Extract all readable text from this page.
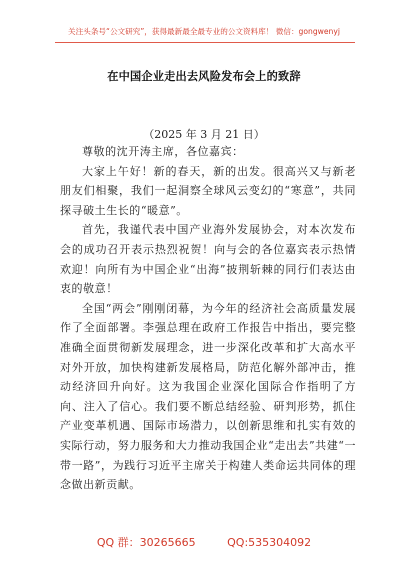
关注头条号“公文研究”，获得最新最全最专业的公文资料库！ 微信：gongwenyj
在中国企业走出去风险发布会上的致辞
（2025 年 3 月 21 日）

尊敬的沈开涛主席，各位嘉宾：

大家上午好！新的春天，新的出发。很高兴又与新老朋友们相聚，我们一起洞察全球风云变幻的“寒意”，共同探寻破土生长的“暖意”。

首先，我谨代表中国产业海外发展协会，对本次发布会的成功召开表示热烈祝贺！向与会的各位嘉宾表示热情欢迎！向所有为中国企业“出海”披荆斩棘的同行们表达由衷的敬意！

全国“两会”刚刚闭幕，为今年的经济社会高质量发展作了全面部署。李强总理在政府工作报告中指出，要完整准确全面贯彻新发展理念，进一步深化改革和扩大高水平对外开放，加快构建新发展格局，防范化解外部冲击，推动经济回升向好。这为我国企业深化国际合作指明了方向、注入了信心。我们要不断总结经验、研判形势，抓住产业变革机遇、国际市场潜力，以创新思维和扎实有效的实际行动，努力服务和大力推动我国企业“走出去”共建“一带一路”，为践行习近平主席关于构建人类命运共同体的理念做出新贡献。

QQ 群：30265665	QQ:535304092
